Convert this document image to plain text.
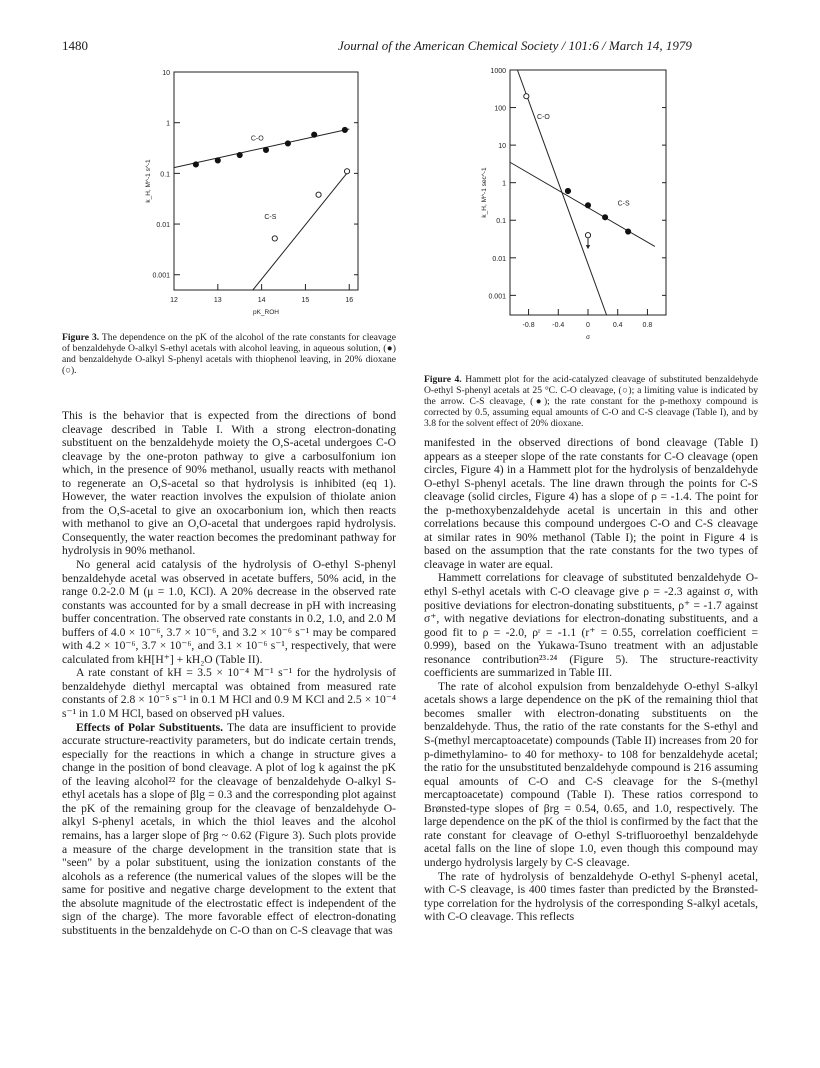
1480	Journal of the American Chemical Society / 101:6 / March 14, 1979
10
1
0.1
0.01
0.001
12	13	14	15	16
pK_ROH
k_H, M^-1 s^-1
C-O
C-S
Figure 3. The dependence on the pK of the alcohol of the rate constants for cleavage of benzaldehyde O-alkyl S-ethyl acetals with alcohol leaving, in aqueous solution, (●) and benzaldehyde O-alkyl S-phenyl acetals with thiophenol leaving, in 20% dioxane (○).
1000
100
10
1
0.1
0.01
0.001
-0.8	-0.4	0	0.4	0.8
σ
k_H, M^-1 sec^-1
C-O
C-S
Figure 4. Hammett plot for the acid-catalyzed cleavage of substituted benzaldehyde O-ethyl S-phenyl acetals at 25 °C. C-O cleavage, (○); a limiting value is indicated by the arrow. C-S cleavage, (●); the rate constant for the p-methoxy compound is corrected by 0.5, assuming equal amounts of C-O and C-S cleavage (Table I), and by 3.8 for the solvent effect of 20% dioxane.

This is the behavior that is expected from the directions of bond cleavage described in Table I. With a strong electron-donating substituent on the benzaldehyde moiety the O,S-acetal undergoes C-O cleavage by the one-proton pathway to give a carbosulfonium ion which, in the presence of 90% methanol, usually reacts with methanol to regenerate an O,S-acetal so that hydrolysis is inhibited (eq 1). However, the water reaction involves the expulsion of thiolate anion from the O,S-acetal to give an oxocarbonium ion, which then reacts with methanol to give an O,O-acetal that undergoes rapid hydrolysis. Consequently, the water reaction becomes the predominant pathway for hydrolysis in 90% methanol.

No general acid catalysis of the hydrolysis of O-ethyl S-phenyl benzaldehyde acetal was observed in acetate buffers, 50% acid, in the range 0.2-2.0 M (μ = 1.0, KCl). A 20% decrease in the observed rate constants was accounted for by a small decrease in pH with increasing buffer concentration. The observed rate constants in 0.2, 1.0, and 2.0 M buffers of 4.0 × 10⁻⁶, 3.7 × 10⁻⁶, and 3.2 × 10⁻⁶ s⁻¹ may be compared with 4.2 × 10⁻⁶, 3.7 × 10⁻⁶, and 3.1 × 10⁻⁶ s⁻¹, respectively, that were calculated from kH[H⁺] + kH₂O (Table II).

A rate constant of kH = 3.5 × 10⁻⁴ M⁻¹ s⁻¹ for the hydrolysis of benzaldehyde diethyl mercaptal was obtained from measured rate constants of 2.8 × 10⁻⁵ s⁻¹ in 0.1 M HCl and 0.9 M KCl and 2.5 × 10⁻⁴ s⁻¹ in 1.0 M HCl, based on observed pH values.

Effects of Polar Substituents. The data are insufficient to provide accurate structure-reactivity parameters, but do indicate certain trends, especially for the reactions in which a change in structure gives a change in the position of bond cleavage. A plot of log k against the pK of the leaving alcohol²² for the cleavage of benzaldehyde O-alkyl S-ethyl acetals has a slope of βlg = 0.3 and the corresponding plot against the pK of the remaining group for the cleavage of benzaldehyde O-alkyl S-phenyl acetals, in which the thiol leaves and the alcohol remains, has a larger slope of βrg ~ 0.62 (Figure 3). Such plots provide a measure of the charge development in the transition state that is "seen" by a polar substituent, using the ionization constants of the alcohols as a reference (the numerical values of the slopes will be the same for positive and negative charge development to the extent that the absolute magnitude of the electrostatic effect is independent of the sign of the charge). The more favorable effect of electron-donating substituents in the benzaldehyde on C-O than on C-S cleavage that was

manifested in the observed directions of bond cleavage (Table I) appears as a steeper slope of the rate constants for C-O cleavage (open circles, Figure 4) in a Hammett plot for the hydrolysis of benzaldehyde O-ethyl S-phenyl acetals. The line drawn through the points for C-S cleavage (solid circles, Figure 4) has a slope of ρ = -1.4. The point for the p-methoxybenzaldehyde acetal is uncertain in this and other correlations because this compound undergoes C-O and C-S cleavage at similar rates in 90% methanol (Table I); the point in Figure 4 is based on the assumption that the rate constants for the two types of cleavage in water are equal.

Hammett correlations for cleavage of substituted benzaldehyde O-ethyl S-ethyl acetals with C-O cleavage give ρ = -2.3 against σ, with positive deviations for electron-donating substituents, ρ⁺ = -1.7 against σ⁺, with negative deviations for electron-donating substituents, and a good fit to ρ = -2.0, ρʳ = -1.1 (r⁺ = 0.55, correlation coefficient = 0.999), based on the Yukawa-Tsuno treatment with an adjustable resonance contribution²³·²⁴ (Figure 5). The structure-reactivity coefficients are summarized in Table III.

The rate of alcohol expulsion from benzaldehyde O-ethyl S-alkyl acetals shows a large dependence on the pK of the remaining thiol that becomes smaller with electron-donating substituents on the benzaldehyde. Thus, the ratio of the rate constants for the S-ethyl and S-(methyl mercaptoacetate) compounds (Table II) increases from 20 for p-dimethylamino- to 40 for methoxy- to 108 for benzaldehyde acetal; the ratio for the unsubstituted benzaldehyde compound is 216 assuming equal amounts of C-O and C-S cleavage for the S-(methyl mercaptoacetate) compound (Table I). These ratios correspond to Brønsted-type slopes of βrg = 0.54, 0.65, and 1.0, respectively. The large dependence on the pK of the thiol is confirmed by the fact that the rate constant for cleavage of O-ethyl S-trifluoroethyl benzaldehyde acetal falls on the line of slope 1.0, even though this compound may undergo hydrolysis largely by C-S cleavage.

The rate of hydrolysis of benzaldehyde O-ethyl S-phenyl acetal, with C-S cleavage, is 400 times faster than predicted by the Brønsted-type correlation for the hydrolysis of the corresponding S-alkyl acetals, with C-O cleavage. This reflects
